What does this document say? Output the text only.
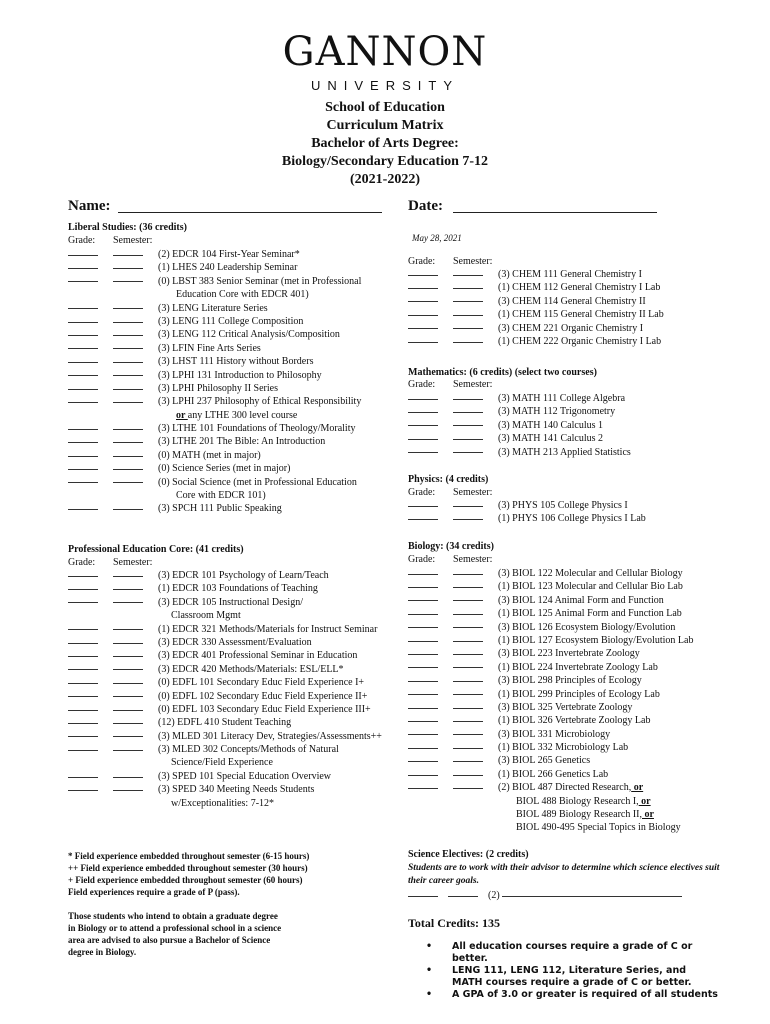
GANNON
UNIVERSITY
School of Education
Curriculum Matrix
Bachelor of Arts Degree:
Biology/Secondary Education 7-12
(2021-2022)
Name:	Date:
May 28, 2021
Liberal Studies: (36 credits)
Grade: Semester:
(2) EDCR 104 First-Year Seminar*
(1) LHES 240 Leadership Seminar
(0) LBST 383 Senior Seminar (met in Professional
Education Core with EDCR 401)
(3) LENG Literature Series
(3) LENG 111 College Composition
(3) LENG 112 Critical Analysis/Composition
(3) LFIN Fine Arts Series
(3) LHST 111 History without Borders
(3) LPHI 131 Introduction to Philosophy
(3) LPHI Philosophy II Series
(3) LPHI 237 Philosophy of Ethical Responsibility
or any LTHE 300 level course
(3) LTHE 101 Foundations of Theology/Morality
(3) LTHE 201 The Bible: An Introduction
(0) MATH (met in major)
(0) Science Series (met in major)
(0) Social Science (met in Professional Education
Core with EDCR 101)
(3) SPCH 111 Public Speaking
Professional Education Core: (41 credits)
Grade: Semester:
(3) EDCR 101 Psychology of Learn/Teach
(1) EDCR 103 Foundations of Teaching
(3) EDCR 105 Instructional Design/
Classroom Mgmt
(1) EDCR 321 Methods/Materials for Instruct Seminar
(3) EDCR 330 Assessment/Evaluation
(3) EDCR 401 Professional Seminar in Education
(3) EDCR 420 Methods/Materials: ESL/ELL*
(0) EDFL 101 Secondary Educ Field Experience I+
(0) EDFL 102 Secondary Educ Field Experience II+
(0) EDFL 103 Secondary Educ Field Experience III+
(12) EDFL 410 Student Teaching
(3) MLED 301 Literacy Dev, Strategies/Assessments++
(3) MLED 302 Concepts/Methods of Natural
Science/Field Experience
(3) SPED 101 Special Education Overview
(3) SPED 340 Meeting Needs Students
w/Exceptionalities: 7-12*
Grade: Semester:
(3) CHEM 111 General Chemistry I
(1) CHEM 112 General Chemistry I Lab
(3) CHEM 114 General Chemistry II
(1) CHEM 115 General Chemistry II Lab
(3) CHEM 221 Organic Chemistry I
(1) CHEM 222 Organic Chemistry I Lab
Mathematics: (6 credits) (select two courses)
Grade: Semester:
(3) MATH 111 College Algebra
(3) MATH 112 Trigonometry
(3) MATH 140 Calculus 1
(3) MATH 141 Calculus 2
(3) MATH 213 Applied Statistics
Physics: (4 credits)
Grade: Semester:
(3) PHYS 105 College Physics I
(1) PHYS 106 College Physics I Lab
Biology: (34 credits)
Grade: Semester:
(3) BIOL 122 Molecular and Cellular Biology
(1) BIOL 123 Molecular and Cellular Bio Lab
(3) BIOL 124 Animal Form and Function
(1) BIOL 125 Animal Form and Function Lab
(3) BIOL 126 Ecosystem Biology/Evolution
(1) BIOL 127 Ecosystem Biology/Evolution Lab
(3) BIOL 223 Invertebrate Zoology
(1) BIOL 224 Invertebrate Zoology Lab
(3) BIOL 298 Principles of Ecology
(1) BIOL 299 Principles of Ecology Lab
(3) BIOL 325 Vertebrate Zoology
(1) BIOL 326 Vertebrate Zoology Lab
(3) BIOL 331 Microbiology
(1) BIOL 332 Microbiology Lab
(3) BIOL 265 Genetics
(1) BIOL 266 Genetics Lab
(2) BIOL 487 Directed Research, or
BIOL 488 Biology Research I, or
BIOL 489 Biology Research II, or
BIOL 490-495 Special Topics in Biology
* Field experience embedded throughout semester (6-15 hours)
++ Field experience embedded throughout semester (30 hours)
+ Field experience embedded throughout semester (60 hours)
Field experiences require a grade of P (pass).
Those students who intend to obtain a graduate degree
in Biology or to attend a professional school in a science
area are advised to also pursue a Bachelor of Science
degree in Biology.
Science Electives: (2 credits)
Students are to work with their advisor to determine which science electives suit their career goals.
(2)
Total Credits: 135
• All education courses require a grade of C or
better.
• LENG 111, LENG 112, Literature Series, and
MATH courses require a grade of C or better.
• A GPA of 3.0 or greater is required of all students
